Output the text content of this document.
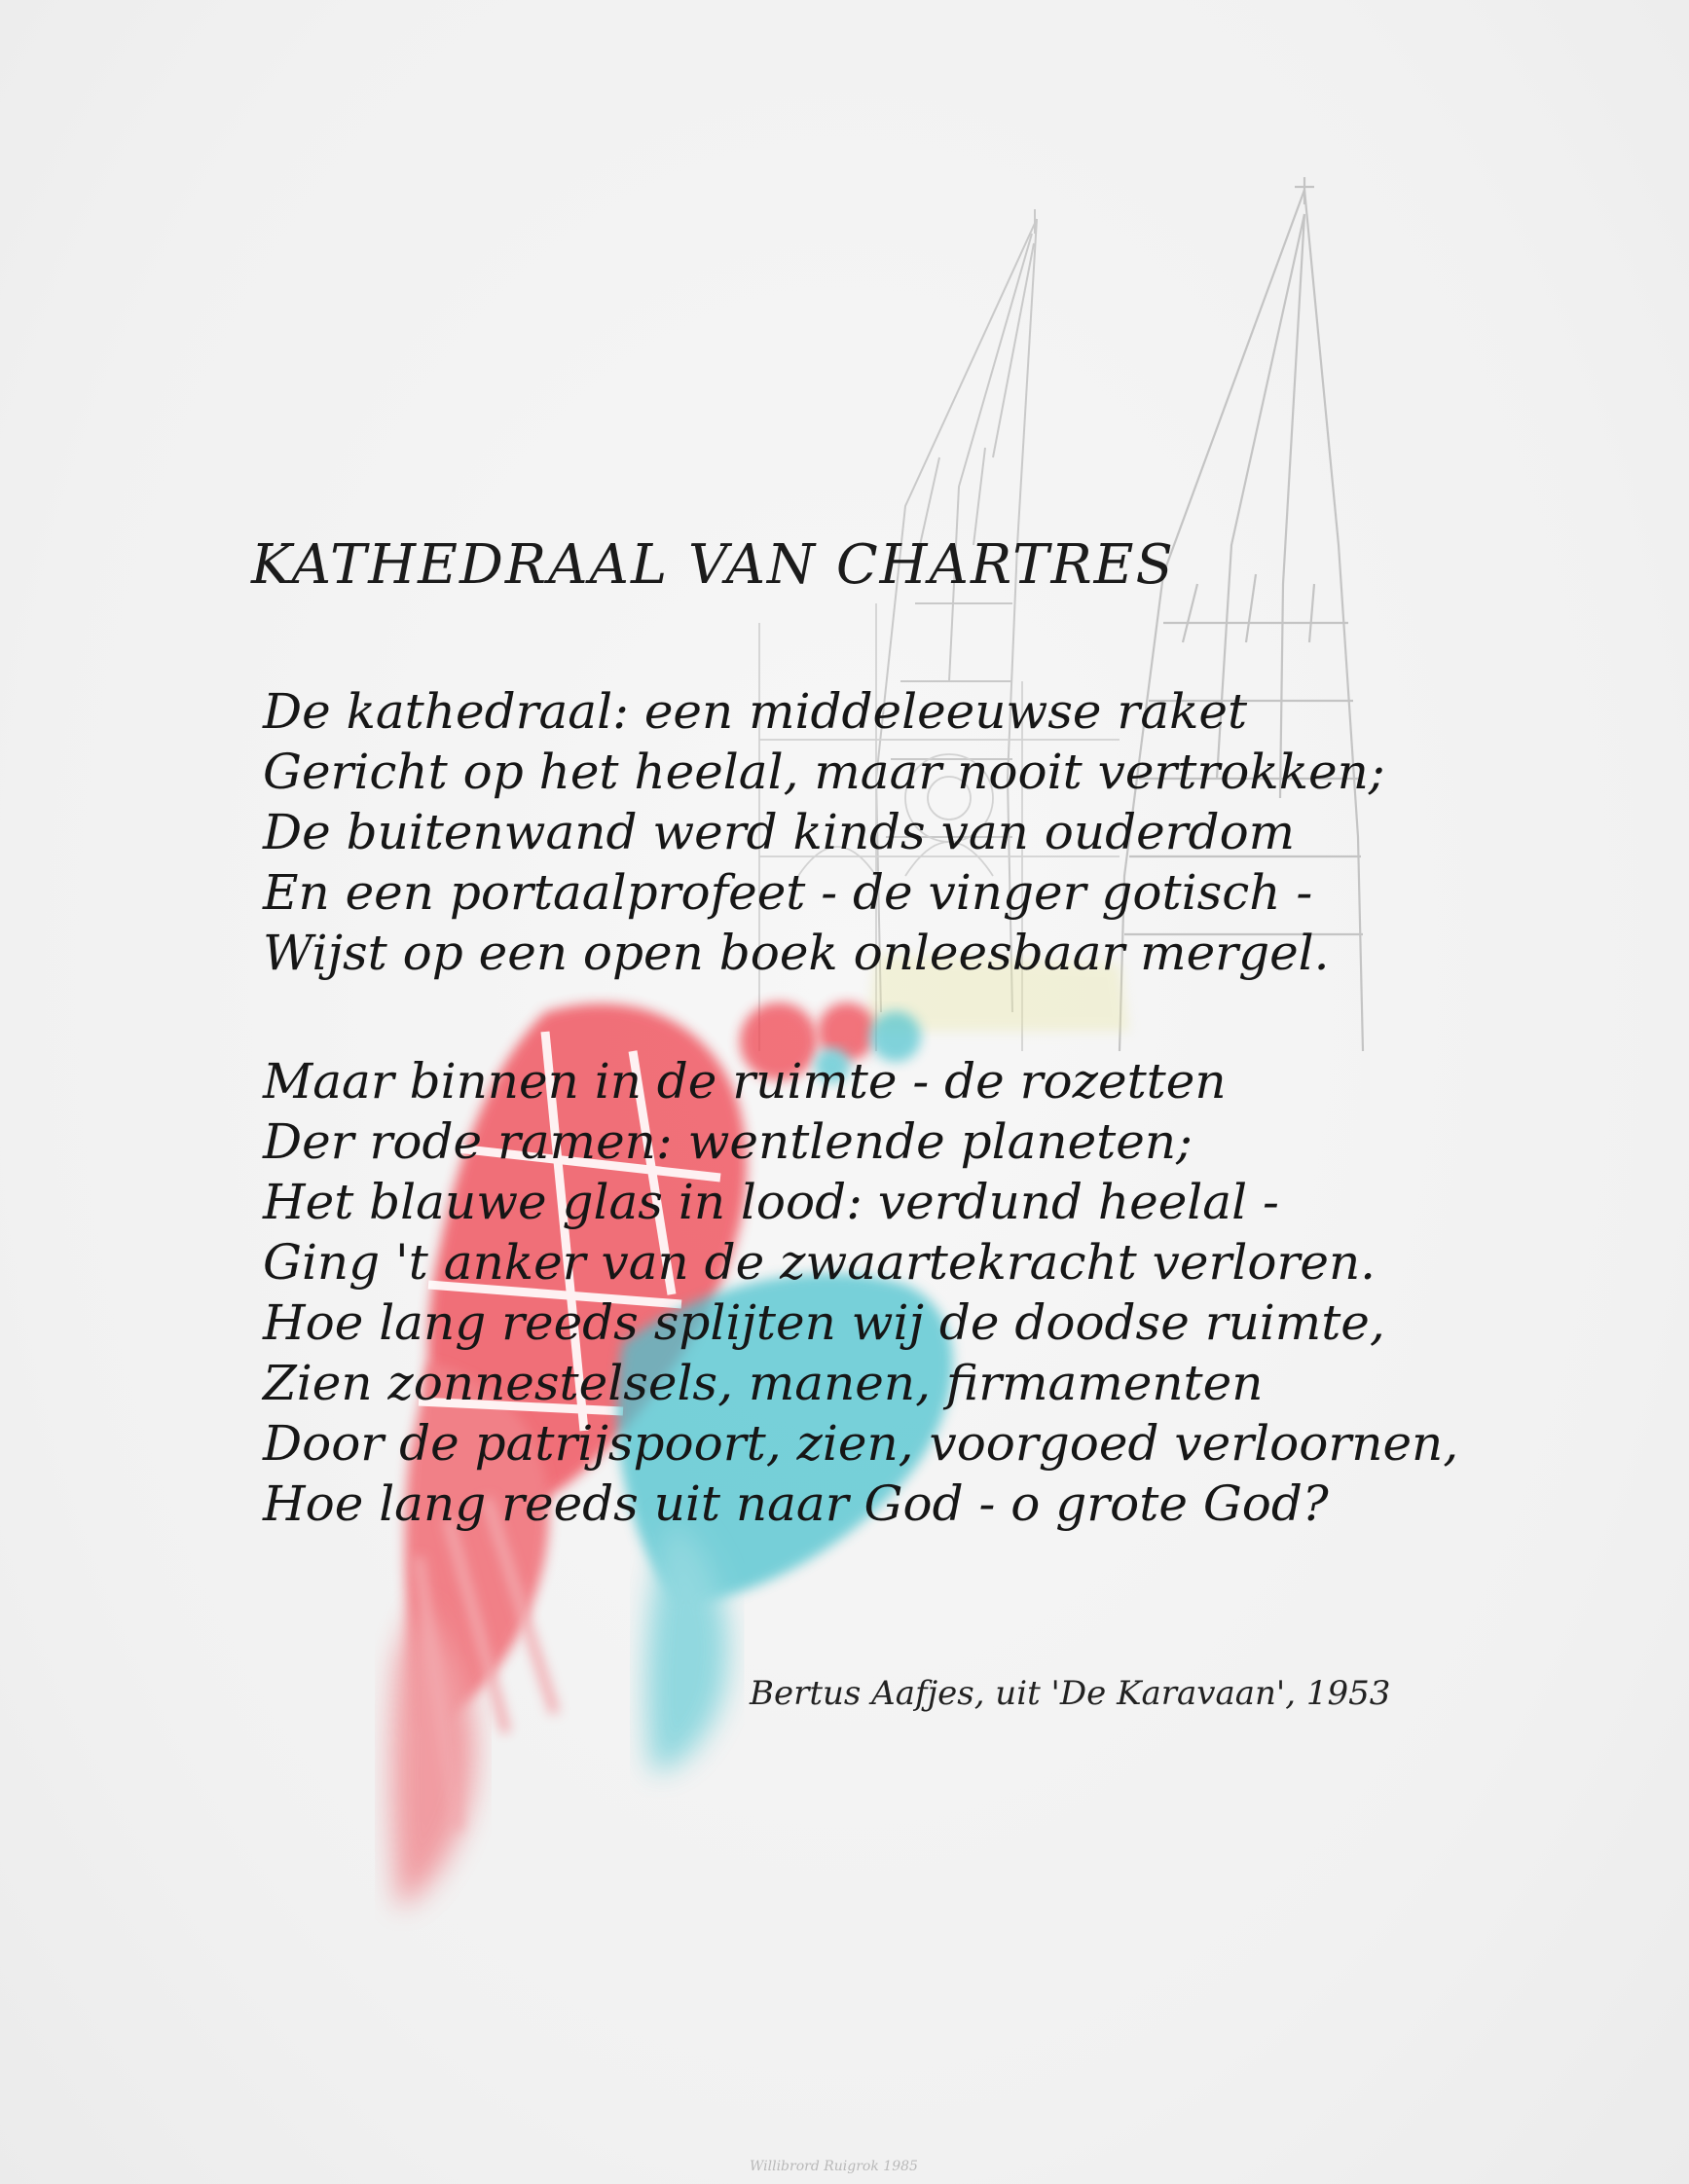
KATHEDRAAL VAN CHARTRES
De kathedraal: een middeleeuwse raket
Gericht op het heelal, maar nooit vertrokken;
De buitenwand werd kinds van ouderdom
En een portaalprofeet - de vinger gotisch -
Wijst op een open boek onleesbaar mergel.
Maar binnen in de ruimte - de rozetten
Der rode ramen: wentlende planeten;
Het blauwe glas in lood: verdund heelal -
Ging 't anker van de zwaartekracht verloren.
Hoe lang reeds splijten wij de doodse ruimte,
Zien zonnestelsels, manen, firmamenten
Door de patrijspoort, zien, voorgoed verloornen,
Hoe lang reeds uit naar God - o grote God?

Bertus Aafjes, uit 'De Karavaan', 1953

Willibrord Ruigrok 1985
